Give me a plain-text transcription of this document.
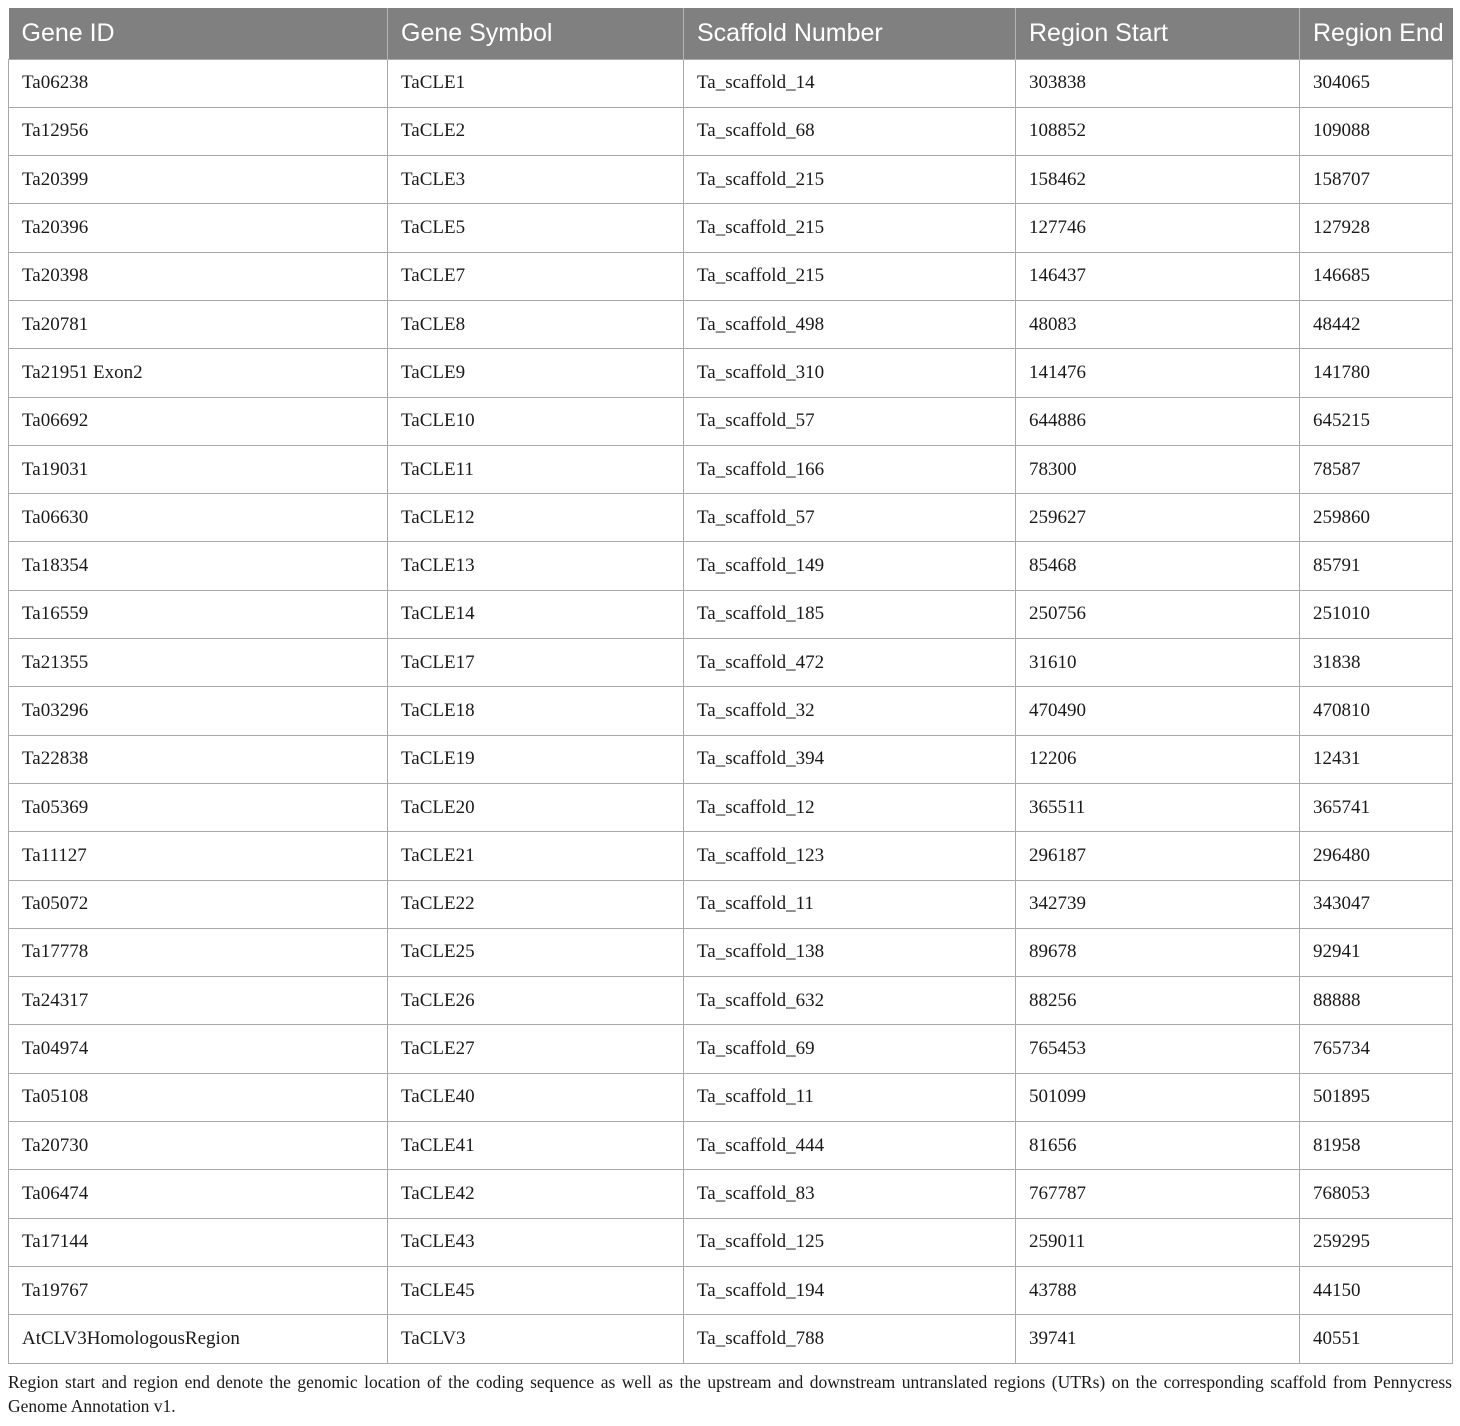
Gene ID	Gene Symbol	Scaffold Number	Region Start	Region End
Ta06238	TaCLE1	Ta_scaffold_14	303838	304065
Ta12956	TaCLE2	Ta_scaffold_68	108852	109088
Ta20399	TaCLE3	Ta_scaffold_215	158462	158707
Ta20396	TaCLE5	Ta_scaffold_215	127746	127928
Ta20398	TaCLE7	Ta_scaffold_215	146437	146685
Ta20781	TaCLE8	Ta_scaffold_498	48083	48442
Ta21951 Exon2	TaCLE9	Ta_scaffold_310	141476	141780
Ta06692	TaCLE10	Ta_scaffold_57	644886	645215
Ta19031	TaCLE11	Ta_scaffold_166	78300	78587
Ta06630	TaCLE12	Ta_scaffold_57	259627	259860
Ta18354	TaCLE13	Ta_scaffold_149	85468	85791
Ta16559	TaCLE14	Ta_scaffold_185	250756	251010
Ta21355	TaCLE17	Ta_scaffold_472	31610	31838
Ta03296	TaCLE18	Ta_scaffold_32	470490	470810
Ta22838	TaCLE19	Ta_scaffold_394	12206	12431
Ta05369	TaCLE20	Ta_scaffold_12	365511	365741
Ta11127	TaCLE21	Ta_scaffold_123	296187	296480
Ta05072	TaCLE22	Ta_scaffold_11	342739	343047
Ta17778	TaCLE25	Ta_scaffold_138	89678	92941
Ta24317	TaCLE26	Ta_scaffold_632	88256	88888
Ta04974	TaCLE27	Ta_scaffold_69	765453	765734
Ta05108	TaCLE40	Ta_scaffold_11	501099	501895
Ta20730	TaCLE41	Ta_scaffold_444	81656	81958
Ta06474	TaCLE42	Ta_scaffold_83	767787	768053
Ta17144	TaCLE43	Ta_scaffold_125	259011	259295
Ta19767	TaCLE45	Ta_scaffold_194	43788	44150
AtCLV3HomologousRegion	TaCLV3	Ta_scaffold_788	39741	40551
Region start and region end denote the genomic location of the coding sequence as well as the upstream and downstream untranslated regions (UTRs) on the corresponding scaffold from Pennycress Genome Annotation v1.
